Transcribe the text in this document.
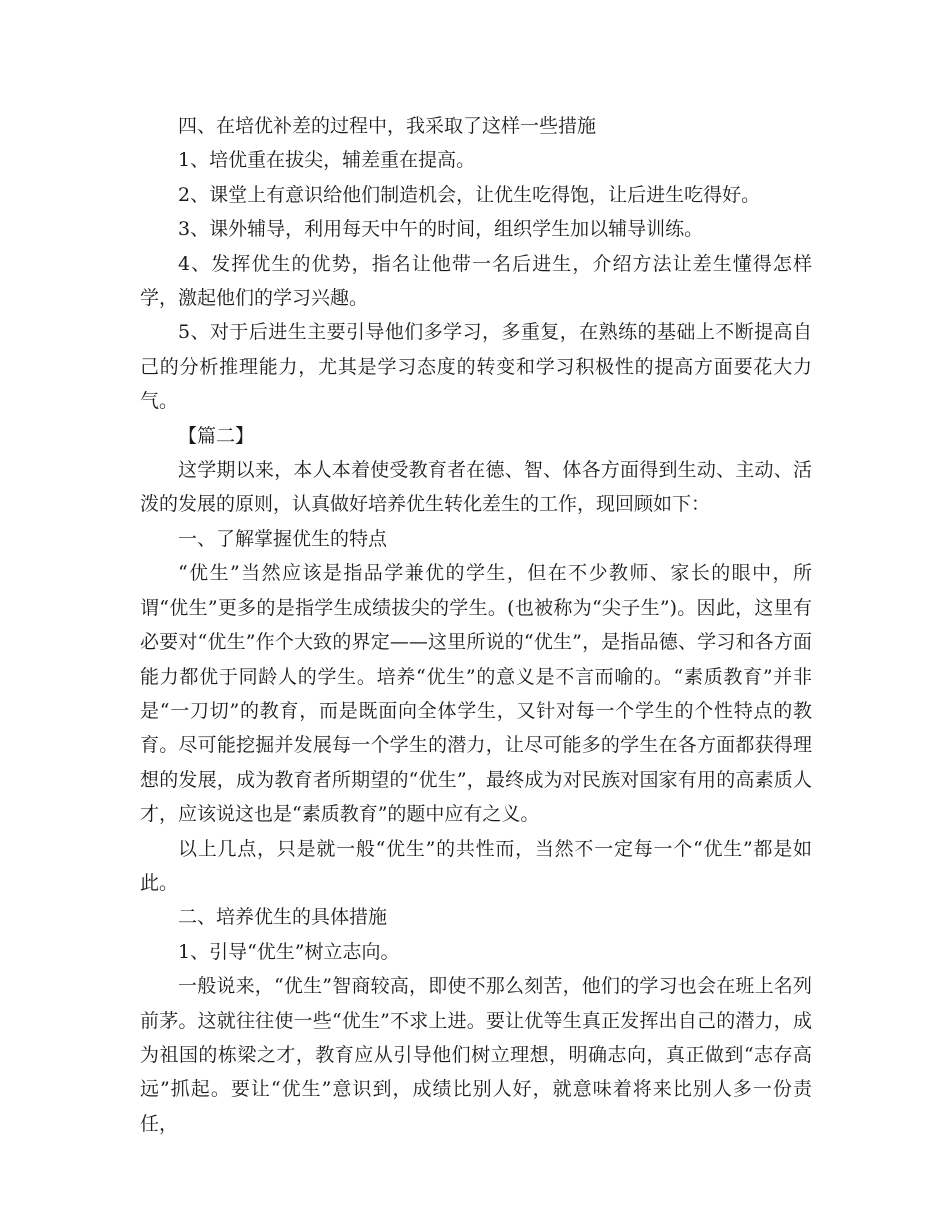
四、在培优补差的过程中，我采取了这样一些措施

1、培优重在拔尖，辅差重在提高。

2、课堂上有意识给他们制造机会，让优生吃得饱，让后进生吃得好。

3、课外辅导，利用每天中午的时间，组织学生加以辅导训练。

4、发挥优生的优势，指名让他带一名后进生，介绍方法让差生懂得怎样学，激起他们的学习兴趣。

5、对于后进生主要引导他们多学习，多重复，在熟练的基础上不断提高自己的分析推理能力，尤其是学习态度的转变和学习积极性的提高方面要花大力气。

【篇二】

这学期以来，本人本着使受教育者在德、智、体各方面得到生动、主动、活泼的发展的原则，认真做好培养优生转化差生的工作，现回顾如下：

一、了解掌握优生的特点

“优生”当然应该是指品学兼优的学生，但在不少教师、家长的眼中，所谓“优生”更多的是指学生成绩拔尖的学生。(也被称为“尖子生”)。因此，这里有必要对“优生”作个大致的界定——这里所说的“优生”，是指品德、学习和各方面能力都优于同龄人的学生。培养“优生”的意义是不言而喻的。“素质教育”并非是“一刀切”的教育，而是既面向全体学生，又针对每一个学生的个性特点的教育。尽可能挖掘并发展每一个学生的潜力，让尽可能多的学生在各方面都获得理想的发展，成为教育者所期望的“优生”，最终成为对民族对国家有用的高素质人才，应该说这也是“素质教育”的题中应有之义。

以上几点，只是就一般“优生”的共性而，当然不一定每一个“优生”都是如此。

二、培养优生的具体措施

1、引导“优生”树立志向。

一般说来，“优生”智商较高，即使不那么刻苦，他们的学习也会在班上名列前茅。这就往往使一些“优生”不求上进。要让优等生真正发挥出自己的潜力，成为祖国的栋梁之才，教育应从引导他们树立理想，明确志向，真正做到“志存高远”抓起。要让“优生”意识到，成绩比别人好，就意味着将来比别人多一份责任，
